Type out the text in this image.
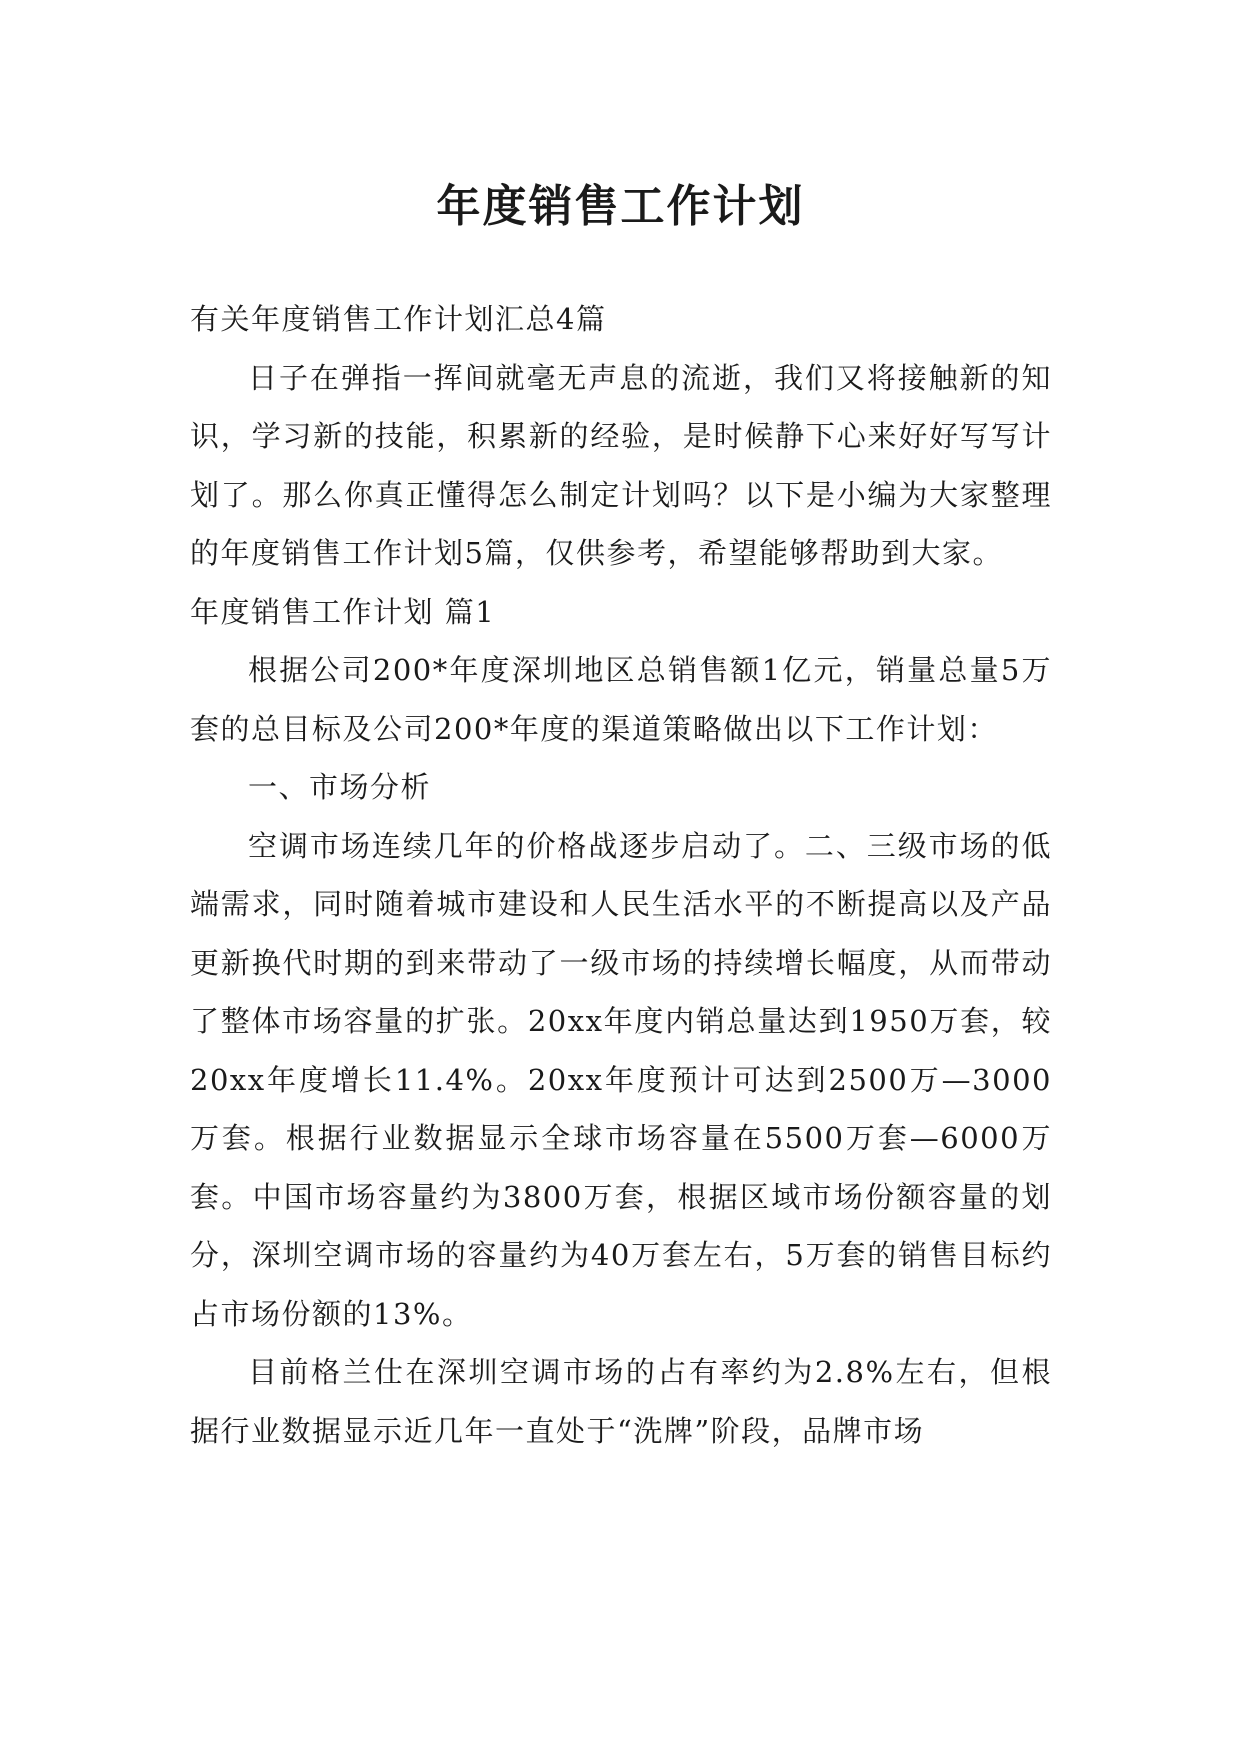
年度销售工作计划

有关年度销售工作计划汇总4篇

日子在弹指一挥间就毫无声息的流逝，我们又将接触新的知识，学习新的技能，积累新的经验，是时候静下心来好好写写计划了。那么你真正懂得怎么制定计划吗？以下是小编为大家整理的年度销售工作计划5篇，仅供参考，希望能够帮助到大家。

年度销售工作计划 篇1

根据公司200*年度深圳地区总销售额1亿元，销量总量5万套的总目标及公司200*年度的渠道策略做出以下工作计划：

一、市场分析

空调市场连续几年的价格战逐步启动了。二、三级市场的低端需求，同时随着城市建设和人民生活水平的不断提高以及产品更新换代时期的到来带动了一级市场的持续增长幅度，从而带动了整体市场容量的扩张。20xx年度内销总量达到1950万套，较20xx年度增长11.4%。20xx年度预计可达到2500万—3000万套。根据行业数据显示全球市场容量在5500万套—6000万套。中国市场容量约为3800万套，根据区域市场份额容量的划分，深圳空调市场的容量约为40万套左右，5万套的销售目标约占市场份额的13%。

目前格兰仕在深圳空调市场的占有率约为2.8%左右，但根据行业数据显示近几年一直处于“洗牌”阶段，品牌市场
